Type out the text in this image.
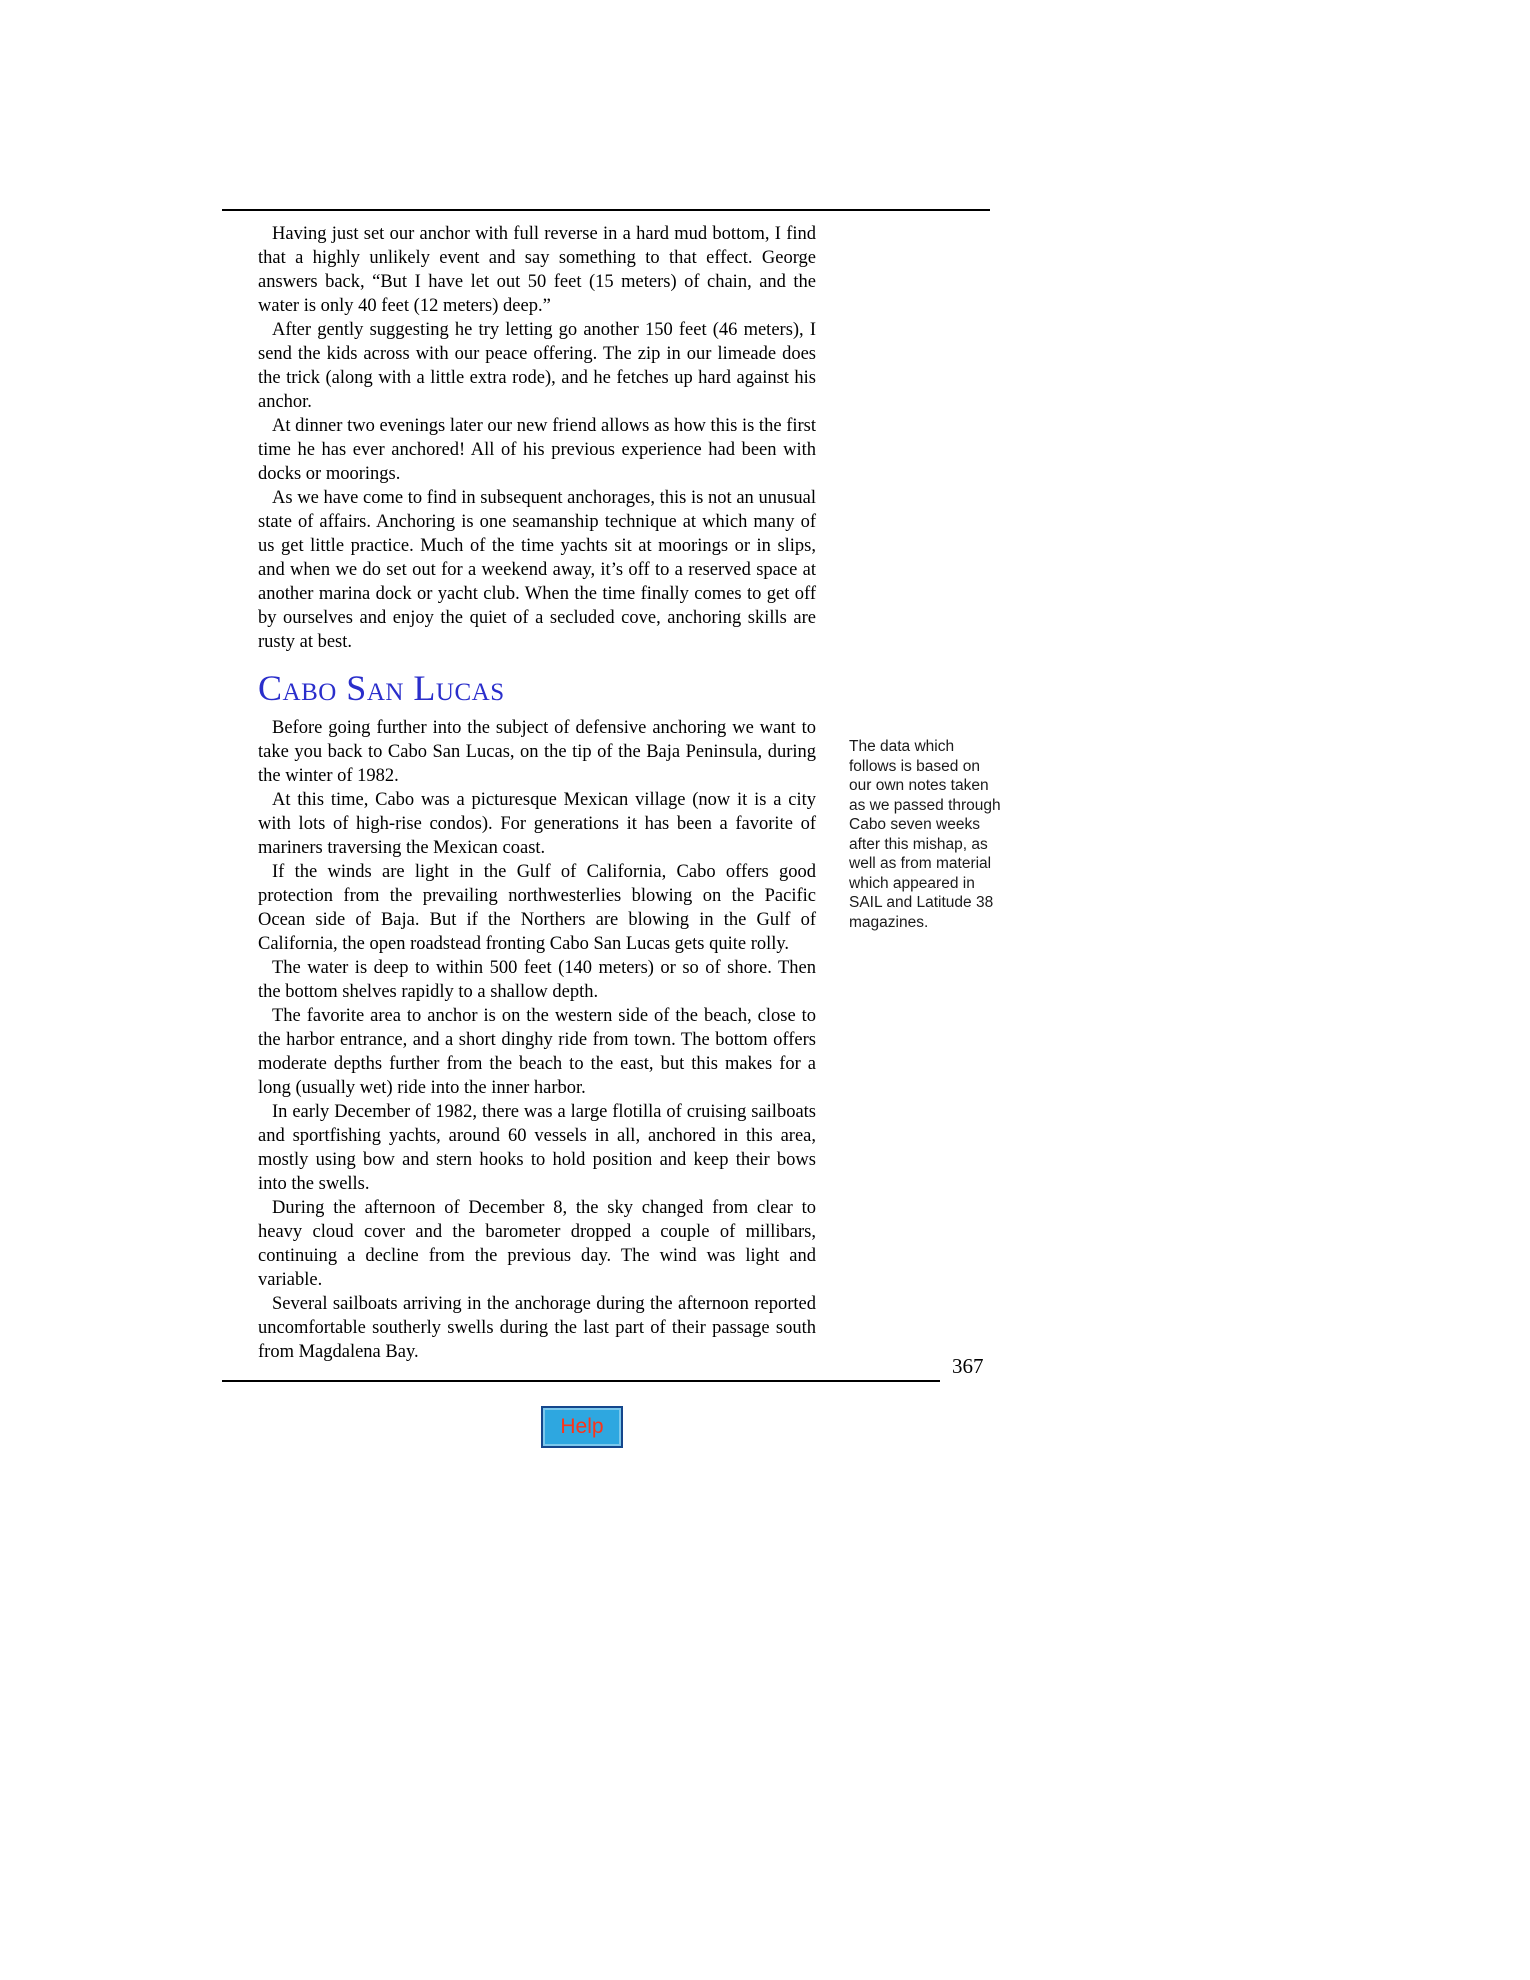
Having just set our anchor with full reverse in a hard mud bottom, I find that a highly unlikely event and say something to that effect. George answers back, “But I have let out 50 feet (15 meters) of chain, and the water is only 40 feet (12 meters) deep.”

After gently suggesting he try letting go another 150 feet (46 meters), I send the kids across with our peace offering. The zip in our limeade does the trick (along with a little extra rode), and he fetches up hard against his anchor.

At dinner two evenings later our new friend allows as how this is the first time he has ever anchored! All of his previous experience had been with docks or moorings.

As we have come to find in subsequent anchorages, this is not an unusual state of affairs. Anchoring is one seamanship technique at which many of us get little practice. Much of the time yachts sit at moorings or in slips, and when we do set out for a weekend away, it’s off to a reserved space at another marina dock or yacht club. When the time finally comes to get off by ourselves and enjoy the quiet of a secluded cove, anchoring skills are rusty at best.

Cabo San Lucas

Before going further into the subject of defensive anchoring we want to take you back to Cabo San Lucas, on the tip of the Baja Peninsula, during the winter of 1982.

At this time, Cabo was a picturesque Mexican village (now it is a city with lots of high-rise condos). For generations it has been a favorite of mariners traversing the Mexican coast.

If the winds are light in the Gulf of California, Cabo offers good protection from the prevailing northwesterlies blowing on the Pacific Ocean side of Baja. But if the Northers are blowing in the Gulf of California, the open roadstead fronting Cabo San Lucas gets quite rolly.

The water is deep to within 500 feet (140 meters) or so of shore. Then the bottom shelves rapidly to a shallow depth.

The favorite area to anchor is on the western side of the beach, close to the harbor entrance, and a short dinghy ride from town. The bottom offers moderate depths further from the beach to the east, but this makes for a long (usually wet) ride into the inner harbor.

In early December of 1982, there was a large flotilla of cruising sailboats and sportfishing yachts, around 60 vessels in all, anchored in this area, mostly using bow and stern hooks to hold position and keep their bows into the swells.

During the afternoon of December 8, the sky changed from clear to heavy cloud cover and the barometer dropped a couple of millibars, continuing a decline from the previous day. The wind was light and variable.

Several sailboats arriving in the anchorage during the afternoon reported uncomfortable southerly swells during the last part of their passage south from Magdalena Bay.

The data which follows is based on our own notes taken as we passed through Cabo seven weeks after this mishap, as well as from material which appeared in SAIL and Latitude 38 magazines.
367
Help
